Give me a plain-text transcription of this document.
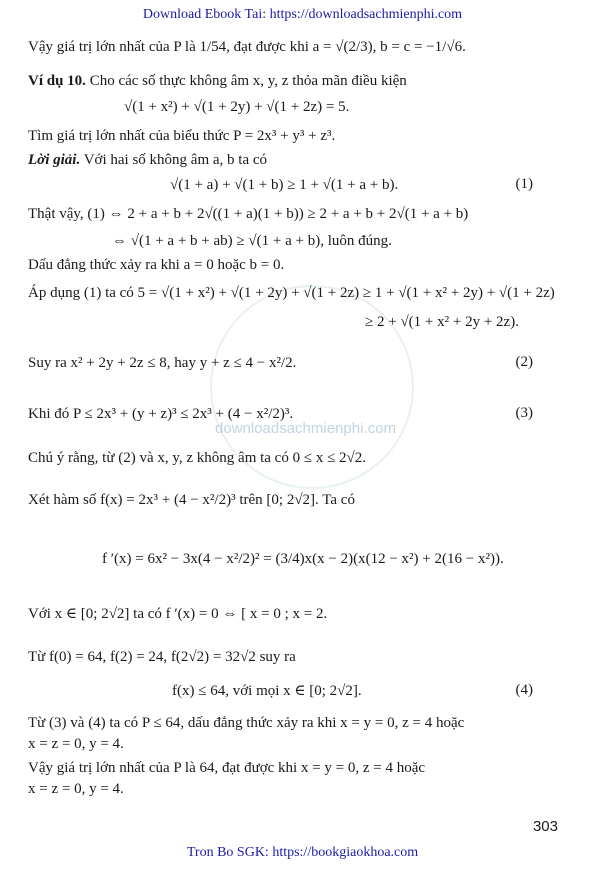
Download Ebook Tai: https://downloadsachmienphi.com
downloadsachmienphi.com
Vậy giá trị lớn nhất của P là 1/54, đạt được khi a = √(2/3), b = c = −1/√6.
Ví dụ 10. Cho các số thực không âm x, y, z thỏa mãn điều kiện
√(1 + x²) + √(1 + 2y) + √(1 + 2z) = 5.
Tìm giá trị lớn nhất của biểu thức P = 2x³ + y³ + z³.
Lời giải. Với hai số không âm a, b ta có
√(1 + a) + √(1 + b) ≥ 1 + √(1 + a + b).	(1)
Thật vậy, (1) ⇔ 2 + a + b + 2√((1 + a)(1 + b)) ≥ 2 + a + b + 2√(1 + a + b)
⇔ √(1 + a + b + ab) ≥ √(1 + a + b), luôn đúng.
Dấu đẳng thức xảy ra khi a = 0 hoặc b = 0.
Áp dụng (1) ta có 5 = √(1 + x²) + √(1 + 2y) + √(1 + 2z) ≥ 1 + √(1 + x² + 2y) + √(1 + 2z)
≥ 2 + √(1 + x² + 2y + 2z).
Suy ra x² + 2y + 2z ≤ 8, hay y + z ≤ 4 − x²/2.	(2)
Khi đó P ≤ 2x³ + (y + z)³ ≤ 2x³ + (4 − x²/2)³.	(3)
Chú ý rằng, từ (2) và x, y, z không âm ta có 0 ≤ x ≤ 2√2.
Xét hàm số f(x) = 2x³ + (4 − x²/2)³ trên [0; 2√2]. Ta có
f ′(x) = 6x² − 3x(4 − x²/2)² = (3/4)x(x − 2)(x(12 − x²) + 2(16 − x²)).
Với x ∈ [0; 2√2] ta có f ′(x) = 0 ⇔ [ x = 0 ; x = 2.
Từ f(0) = 64, f(2) = 24, f(2√2) = 32√2 suy ra
f(x) ≤ 64, với mọi x ∈ [0; 2√2].	(4)
Từ (3) và (4) ta có P ≤ 64, dấu đẳng thức xảy ra khi x = y = 0, z = 4 hoặc
x = z = 0, y = 4.
Vậy giá trị lớn nhất của P là 64, đạt được khi x = y = 0, z = 4 hoặc
x = z = 0, y = 4.
303
Tron Bo SGK: https://bookgiaokhoa.com
